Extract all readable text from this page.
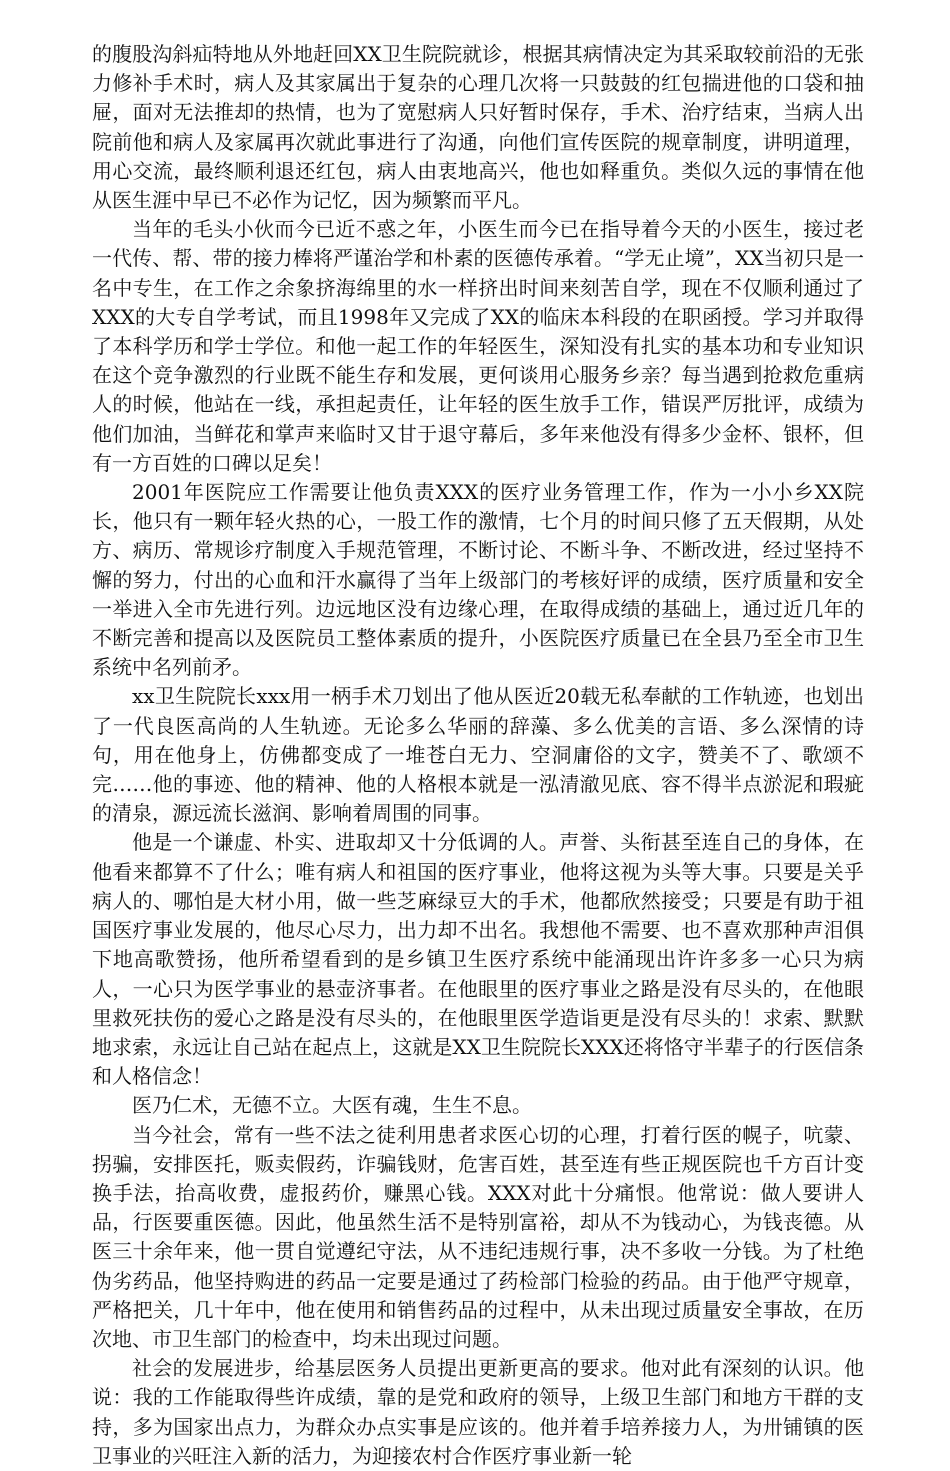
的腹股沟斜疝特地从外地赶回XX卫生院院就诊，根据其病情决定为其采取较前沿的无张力修补手术时，病人及其家属出于复杂的心理几次将一只鼓鼓的红包揣进他的口袋和抽屉，面对无法推却的热情，也为了宽慰病人只好暂时保存，手术、治疗结束，当病人出院前他和病人及家属再次就此事进行了沟通，向他们宣传医院的规章制度，讲明道理，用心交流，最终顺利退还红包，病人由衷地高兴，他也如释重负。类似久远的事情在他从医生涯中早已不必作为记忆，因为频繁而平凡。

当年的毛头小伙而今已近不惑之年，小医生而今已在指导着今天的小医生，接过老一代传、帮、带的接力棒将严谨治学和朴素的医德传承着。“学无止境”，XX当初只是一名中专生，在工作之余象挤海绵里的水一样挤出时间来刻苦自学，现在不仅顺利通过了XXX的大专自学考试，而且1998年又完成了XX的临床本科段的在职函授。学习并取得了本科学历和学士学位。和他一起工作的年轻医生，深知没有扎实的基本功和专业知识在这个竞争激烈的行业既不能生存和发展，更何谈用心服务乡亲？每当遇到抢救危重病人的时候，他站在一线，承担起责任，让年轻的医生放手工作，错误严厉批评，成绩为他们加油，当鲜花和掌声来临时又甘于退守幕后，多年来他没有得多少金杯、银杯，但有一方百姓的口碑以足矣！

2001年医院应工作需要让他负责XXX的医疗业务管理工作，作为一小小乡XX院长，他只有一颗年轻火热的心，一股工作的激情，七个月的时间只修了五天假期，从处方、病历、常规诊疗制度入手规范管理，不断讨论、不断斗争、不断改进，经过坚持不懈的努力，付出的心血和汗水赢得了当年上级部门的考核好评的成绩，医疗质量和安全一举进入全市先进行列。边远地区没有边缘心理，在取得成绩的基础上，通过近几年的不断完善和提高以及医院员工整体素质的提升，小医院医疗质量已在全县乃至全市卫生系统中名列前矛。

xx卫生院院长xxx用一柄手术刀划出了他从医近20载无私奉献的工作轨迹，也划出了一代良医高尚的人生轨迹。无论多么华丽的辞藻、多么优美的言语、多么深情的诗句，用在他身上，仿佛都变成了一堆苍白无力、空洞庸俗的文字，赞美不了、歌颂不完……他的事迹、他的精神、他的人格根本就是一泓清澈见底、容不得半点淤泥和瑕疵的清泉，源远流长滋润、影响着周围的同事。

他是一个谦虚、朴实、进取却又十分低调的人。声誉、头衔甚至连自己的身体，在他看来都算不了什么；唯有病人和祖国的医疗事业，他将这视为头等大事。只要是关乎病人的、哪怕是大材小用，做一些芝麻绿豆大的手术，他都欣然接受；只要是有助于祖国医疗事业发展的，他尽心尽力，出力却不出名。我想他不需要、也不喜欢那种声泪俱下地高歌赞扬，他所希望看到的是乡镇卫生医疗系统中能涌现出许许多多一心只为病人，一心只为医学事业的悬壶济事者。在他眼里的医疗事业之路是没有尽头的，在他眼里救死扶伤的爱心之路是没有尽头的，在他眼里医学造诣更是没有尽头的！求索、默默地求索，永远让自己站在起点上，这就是XX卫生院院长XXX还将恪守半辈子的行医信条和人格信念！

医乃仁术，无德不立。大医有魂，生生不息。

当今社会，常有一些不法之徒利用患者求医心切的心理，打着行医的幌子，吭蒙、拐骗，安排医托，贩卖假药，诈骗钱财，危害百姓，甚至连有些正规医院也千方百计变换手法，抬高收费，虚报药价，赚黑心钱。XXX对此十分痛恨。他常说：做人要讲人品，行医要重医德。因此，他虽然生活不是特别富裕，却从不为钱动心，为钱丧德。从医三十余年来，他一贯自觉遵纪守法，从不违纪违规行事，决不多收一分钱。为了杜绝伪劣药品，他坚持购进的药品一定要是通过了药检部门检验的药品。由于他严守规章，严格把关，几十年中，他在使用和销售药品的过程中，从未出现过质量安全事故，在历次地、市卫生部门的检查中，均未出现过问题。

社会的发展进步，给基层医务人员提出更新更高的要求。他对此有深刻的认识。他说：我的工作能取得些许成绩，靠的是党和政府的领导，上级卫生部门和地方干群的支持，多为国家出点力，为群众办点实事是应该的。他并着手培养接力人，为卅铺镇的医卫事业的兴旺注入新的活力，为迎接农村合作医疗事业新一轮
